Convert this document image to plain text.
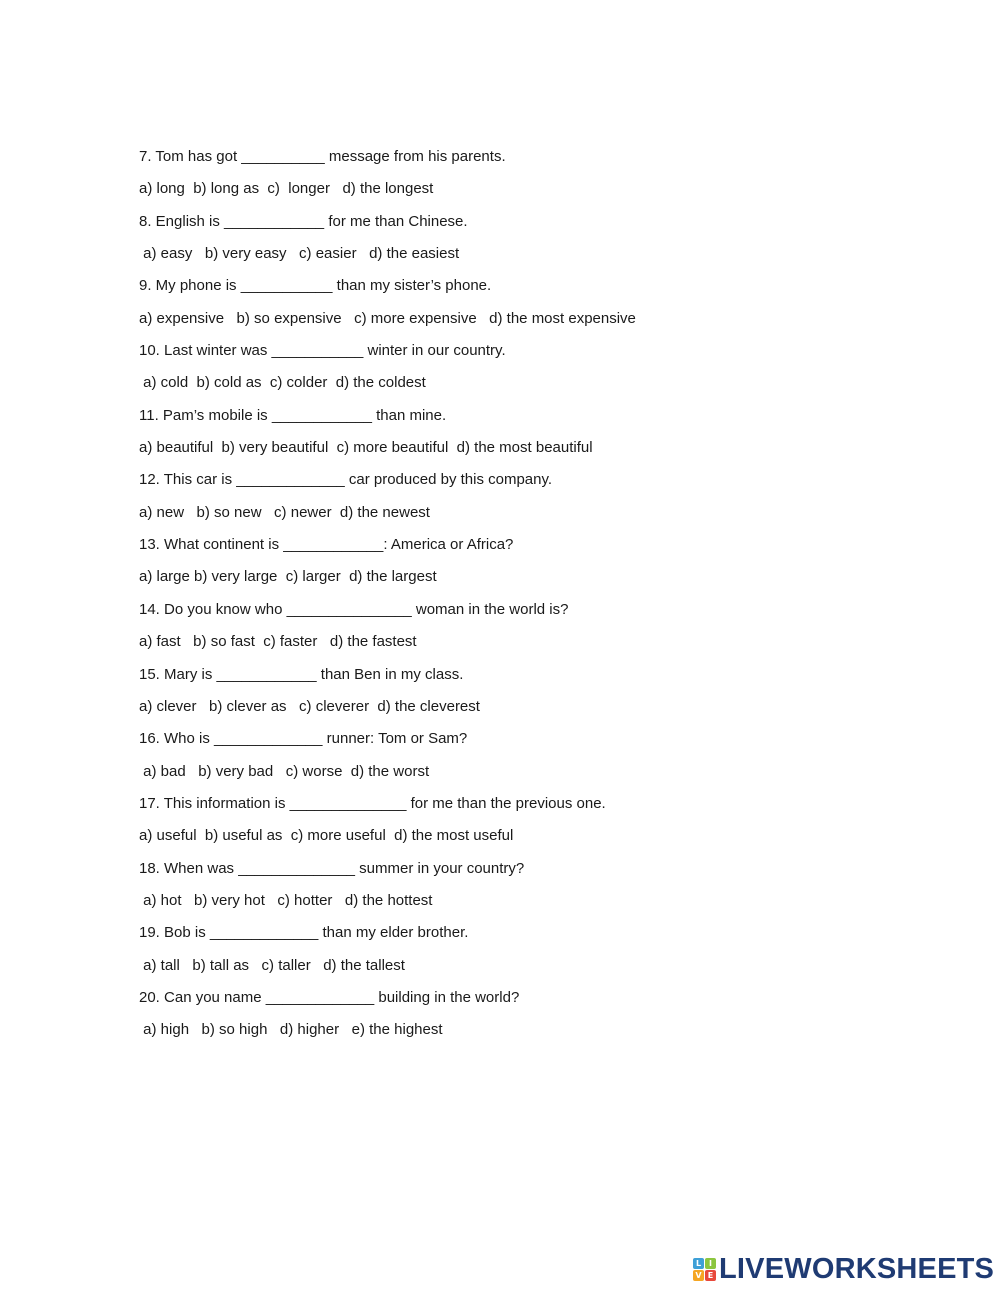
7. Tom has got __________ message from his parents.
a) long  b) long as  c)  longer   d) the longest
8. English is ____________ for me than Chinese.
a) easy   b) very easy   c) easier   d) the easiest
9. My phone is ___________ than my sister’s phone.
a) expensive   b) so expensive   c) more expensive   d) the most expensive
10. Last winter was ___________ winter in our country.
a) cold  b) cold as  c) colder  d) the coldest
11. Pam’s mobile is ____________ than mine.
a) beautiful  b) very beautiful  c) more beautiful  d) the most beautiful
12. This car is _____________ car produced by this company.
a) new   b) so new   c) newer  d) the newest
13. What continent is ____________: America or Africa?
a) large b) very large  c) larger  d) the largest
14. Do you know who _______________ woman in the world is?
a) fast   b) so fast  c) faster   d) the fastest
15. Mary is ____________ than Ben in my class.
a) clever   b) clever as   c) cleverer  d) the cleverest
16. Who is _____________ runner: Tom or Sam?
a) bad   b) very bad   c) worse  d) the worst
17. This information is ______________ for me than the previous one.
a) useful  b) useful as  c) more useful  d) the most useful
18. When was ______________ summer in your country?
a) hot   b) very hot   c) hotter   d) the hottest
19. Bob is _____________ than my elder brother.
a) tall   b) tall as   c) taller   d) the tallest
20. Can you name _____________ building in the world?
a) high   b) so high   d) higher   e) the highest
L I
V E LIVEWORKSHEETS
